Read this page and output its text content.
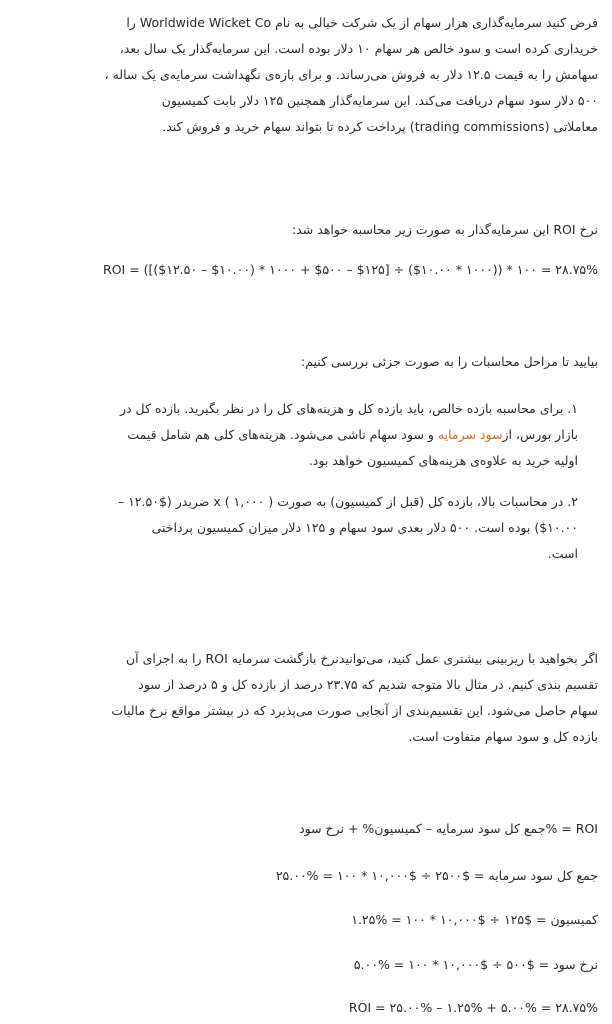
فرض کنید سرمایه‌گذاری هزار سهام از یک شرکت خیالی به نام Worldwide Wicket Co را
خریداری کرده است و سود خالص هر سهام ۱۰ دلار بوده است. این سرمایه‌گذار یک سال بعد،
سهامش را به قیمت ۱۲.۵ دلار به فروش می‌رساند. و برای بازه‌ی نگهداشت سرمایه‌ی یک ساله ،
۵۰۰ دلار سود سهام دریافت می‌کند. این سرمایه‌گذار همچنین ۱۲۵ دلار بابت کمیسیون
معاملاتی (trading commissions) پرداخت کرده تا بتواند سهام خرید و فروش کند.
نرخ ROI این سرمایه‌گذار به صورت زیر محاسبه خواهد شد:
ROI = ([($۱۲.۵۰ – $۱۰.۰۰) * ۱۰۰۰ + $۵۰۰ – $۱۲۵] ÷ ($۱۰.۰۰ * ۱۰۰۰)) * ۱۰۰ = ۲۸.۷۵%
بیایید تا مراحل محاسبات را به صورت جزئی بررسی کنیم:
۱. برای محاسبه بازده خالص، باید بازده کل و هزینه‌های کل را در نظر بگیرید. بازده کل در
بازار بورس، ازسود سرمایه و سود سهام ناشی می‌شود. هزینه‌های کلی هم شامل قیمت
اولیه خرید به علاوه‌ی هزینه‌های کمیسیون خواهد بود.
۲. در محاسبات بالا، بازده کل (قبل از کمیسیون) به صورت ( ۱,۰۰۰ ) x ضربدر ($۱۲.۵۰ –
$۱۰.۰۰) بوده است. ۵۰۰ دلار بعدی سود سهام و ۱۲۵ دلار میزان کمیسیون پرداختی
است.
اگر بخواهید با ریزبینی بیشتری عمل کنید، می‌توانیدنرخ بازگشت سرمایه ROI را به اجزای آن
تقسیم بندی کنیم. در مثال بالا متوجه شدیم که ۲۳.۷۵ درصد از بازده کل و ۵ درصد از سود
سهام حاصل می‌شود. این تقسیم‌بندی از آنجایی صورت می‌پذیرد که در بیشتر مواقع نرخ مالیات
بازده کل و سود سهام متفاوت است.
ROI = %جمع کل سود سرمایه – کمیسیون% + نرخ سود
جمع کل سود سرمایه = $۲۵۰۰ ÷ $۱۰,۰۰۰ * ۱۰۰ = %۲۵.۰۰
کمیسیون = $۱۲۵ ÷ $۱۰,۰۰۰ * ۱۰۰ = %۱.۲۵
نرخ سود = $۵۰۰ ÷ $۱۰,۰۰۰ * ۱۰۰ = %۵.۰۰
ROI = ۲۵.۰۰% – ۱.۲۵% + ۵.۰۰% = ۲۸.۷۵%
